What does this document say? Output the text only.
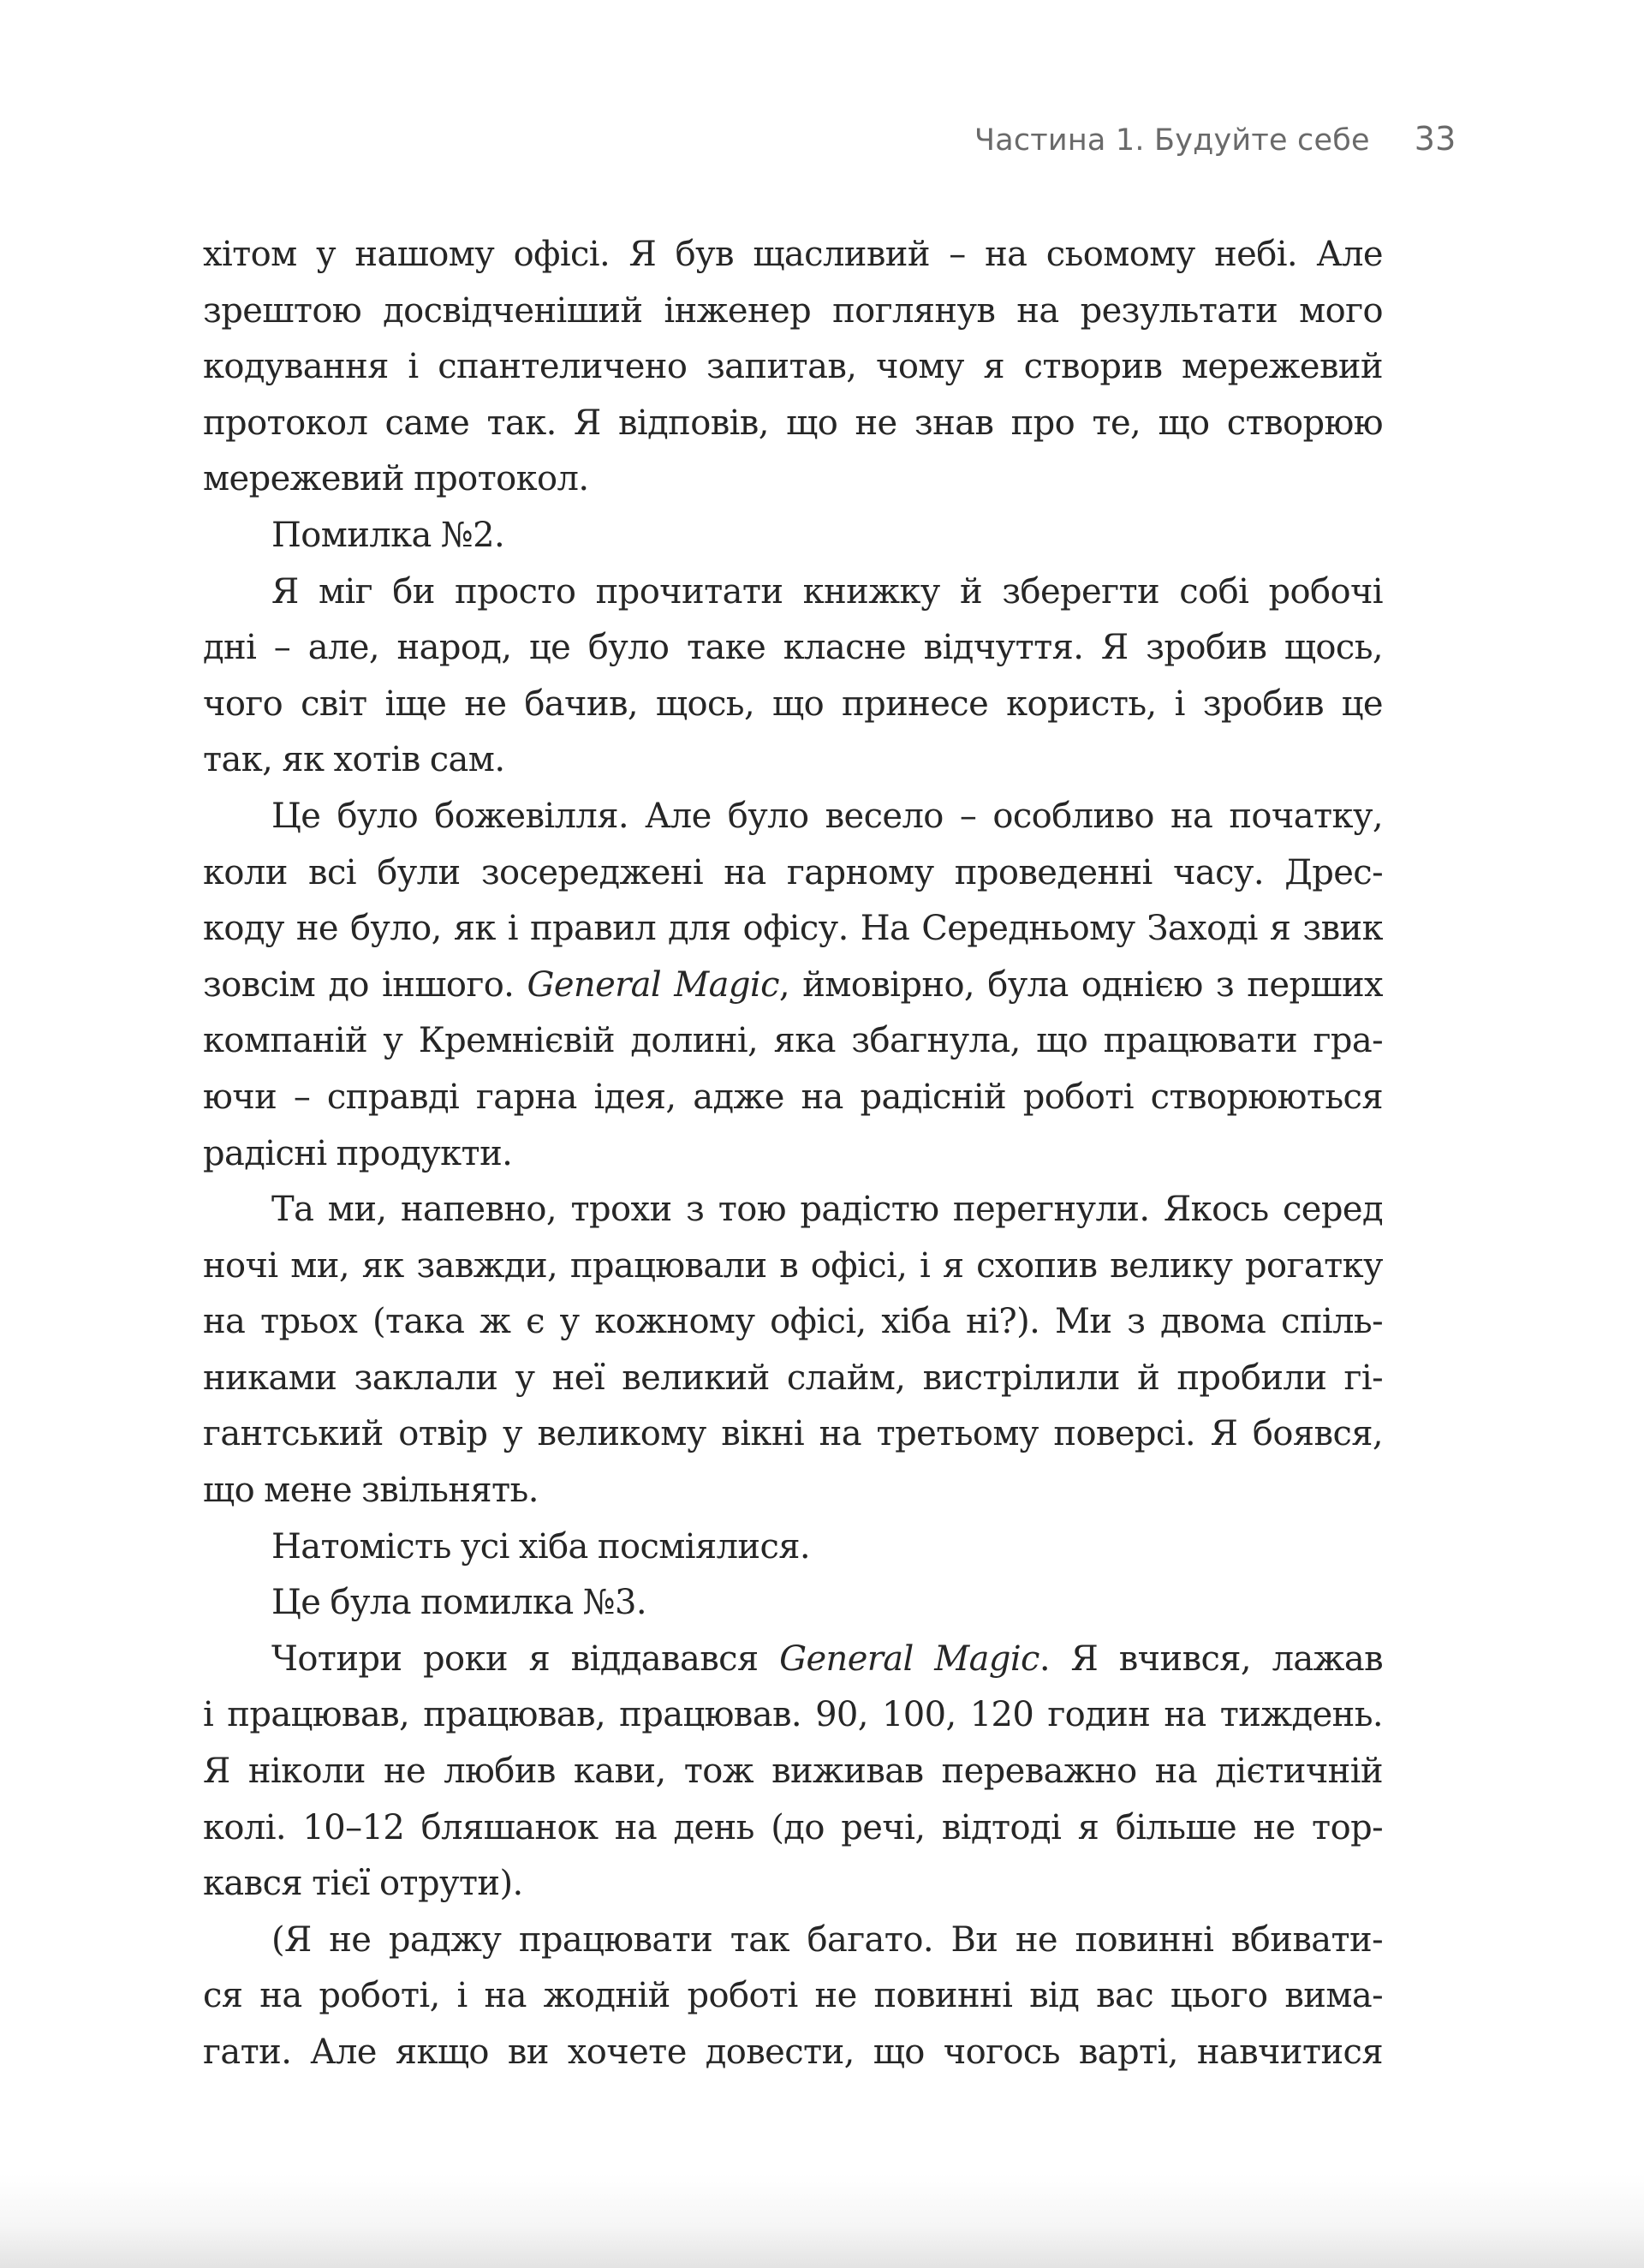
Частина 1. Будуйте себе 33
хітом у нашому офісі. Я був щасливий – на сьомому небі. Але
зрештою досвідченіший інженер поглянув на результати мого
кодування і спантеличено запитав, чому я створив мережевий
протокол саме так. Я відповів, що не знав про те, що створюю
мережевий протокол.
Помилка №2.
Я міг би просто прочитати книжку й зберегти собі робочі
дні – але, народ, це було таке класне відчуття. Я зробив щось,
чого світ іще не бачив, щось, що принесе користь, і зробив це
так, як хотів сам.
Це було божевілля. Але було весело – особливо на початку,
коли всі були зосереджені на гарному проведенні часу. Дрес-
коду не було, як і правил для офісу. На Середньому Заході я звик
зовсім до іншого. General Magic, ймовірно, була однією з перших
компаній у Кремнієвій долині, яка збагнула, що працювати гра-
ючи – справді гарна ідея, адже на радісній роботі створюються
радісні продукти.
Та ми, напевно, трохи з тою радістю перегнули. Якось серед
ночі ми, як завжди, працювали в офісі, і я схопив велику рогатку
на трьох (така ж є у кожному офісі, хіба ні?). Ми з двома спіль-
никами заклали у неї великий слайм, вистрілили й пробили гі-
гантський отвір у великому вікні на третьому поверсі. Я боявся,
що мене звільнять.
Натомість усі хіба посміялися.
Це була помилка №3.
Чотири роки я віддавався General Magic. Я вчився, лажав
і працював, працював, працював. 90, 100, 120 годин на тиждень.
Я ніколи не любив кави, тож виживав переважно на дієтичній
колі. 10–12 бляшанок на день (до речі, відтоді я більше не тор-
кався тієї отрути).
(Я не раджу працювати так багато. Ви не повинні вбивати-
ся на роботі, і на жодній роботі не повинні від вас цього вима-
гати. Але якщо ви хочете довести, що чогось варті, навчитися
